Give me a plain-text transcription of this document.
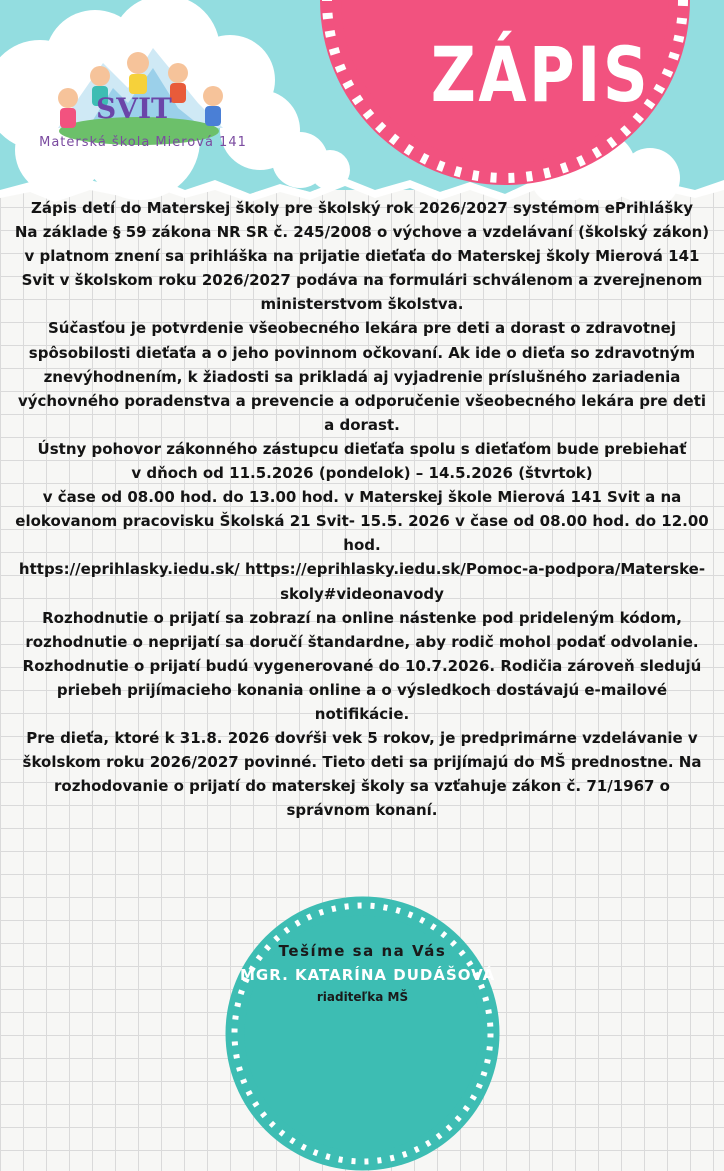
ZÁPIS
SVIT
Materská škola Mierová 141

Zápis detí do Materskej školy pre školský rok 2026/2027 systémom ePrihlášky

Na základe § 59 zákona NR SR č. 245/2008 o výchove a vzdelávaní (školský zákon) v platnom znení sa prihláška na prijatie dieťaťa do Materskej školy Mierová 141 Svit v školskom roku 2026/2027 podáva na formulári schválenom a zverejnenom ministerstvom školstva.

Súčasťou je potvrdenie všeobecného lekára pre deti a dorast o zdravotnej spôsobilosti dieťaťa a o jeho povinnom očkovaní. Ak ide o dieťa so zdravotným znevýhodnením, k žiadosti sa prikladá aj vyjadrenie príslušného zariadenia výchovného poradenstva a prevencie a odporučenie všeobecného lekára pre deti a dorast.

Ústny pohovor zákonného zástupcu dieťaťa spolu s dieťaťom bude prebiehať

v dňoch od 11.5.2026 (pondelok) – 14.5.2026 (štvrtok)

v čase od 08.00 hod. do 13.00 hod. v Materskej škole Mierová 141 Svit a na elokovanom pracovisku Školská 21 Svit- 15.5. 2026 v čase od 08.00 hod. do 12.00 hod.

https://eprihlasky.iedu.sk/ https://eprihlasky.iedu.sk/Pomoc-a-podpora/Materske-skoly#videonavody

Rozhodnutie o prijatí sa zobrazí na online nástenke pod prideleným kódom, rozhodnutie o neprijatí sa doručí štandardne, aby rodič mohol podať odvolanie. Rozhodnutie o prijatí budú vygenerované do 10.7.2026. Rodičia zároveň sledujú priebeh prijímacieho konania online a o výsledkoch dostávajú e-mailové notifikácie.

Pre dieťa, ktoré k 31.8. 2026 dovŕši vek 5 rokov, je predprimárne vzdelávanie v školskom roku 2026/2027 povinné. Tieto deti sa prijímajú do MŠ prednostne. Na rozhodovanie o prijatí do materskej školy sa vzťahuje zákon č. 71/1967 o správnom konaní.

Tešíme sa na Vás
MGR. KATARÍNA DUDÁŠOVÁ
riaditeľka MŠ
